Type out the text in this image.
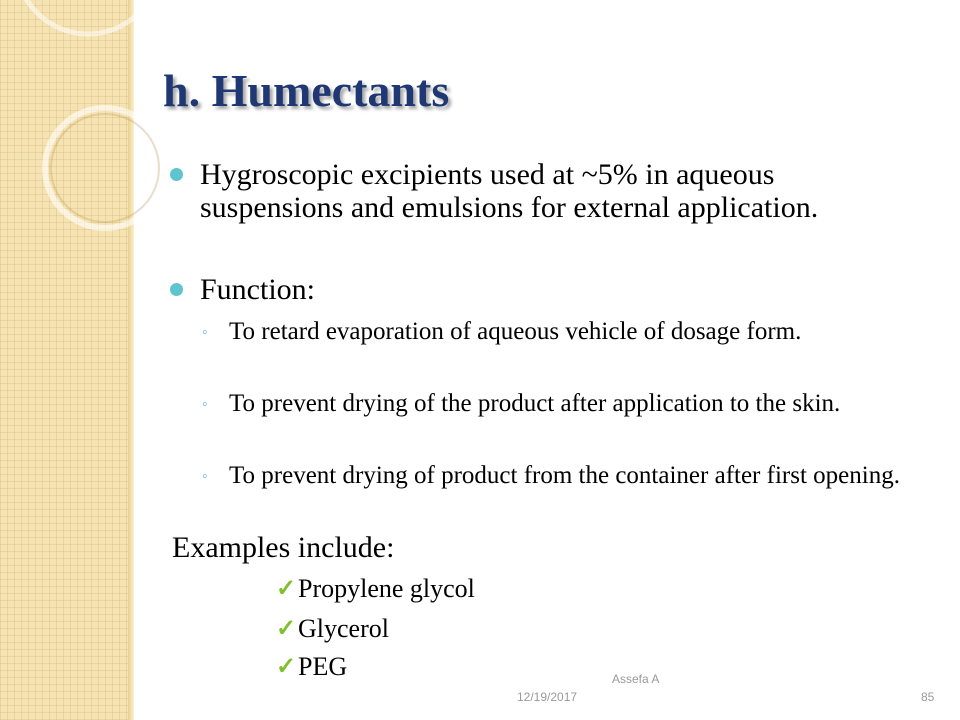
h. Humectants
Hygroscopic excipients used at ~5% in aqueous suspensions and emulsions for external application.
Function:
◦ To retard evaporation of aqueous vehicle of dosage form.
◦ To prevent drying of the product after application to the skin.
◦ To prevent drying of product from the container after first opening.
Examples include:
✓ Propylene glycol
✓ Glycerol
✓ PEG	Assefa A
12/19/2017	85
